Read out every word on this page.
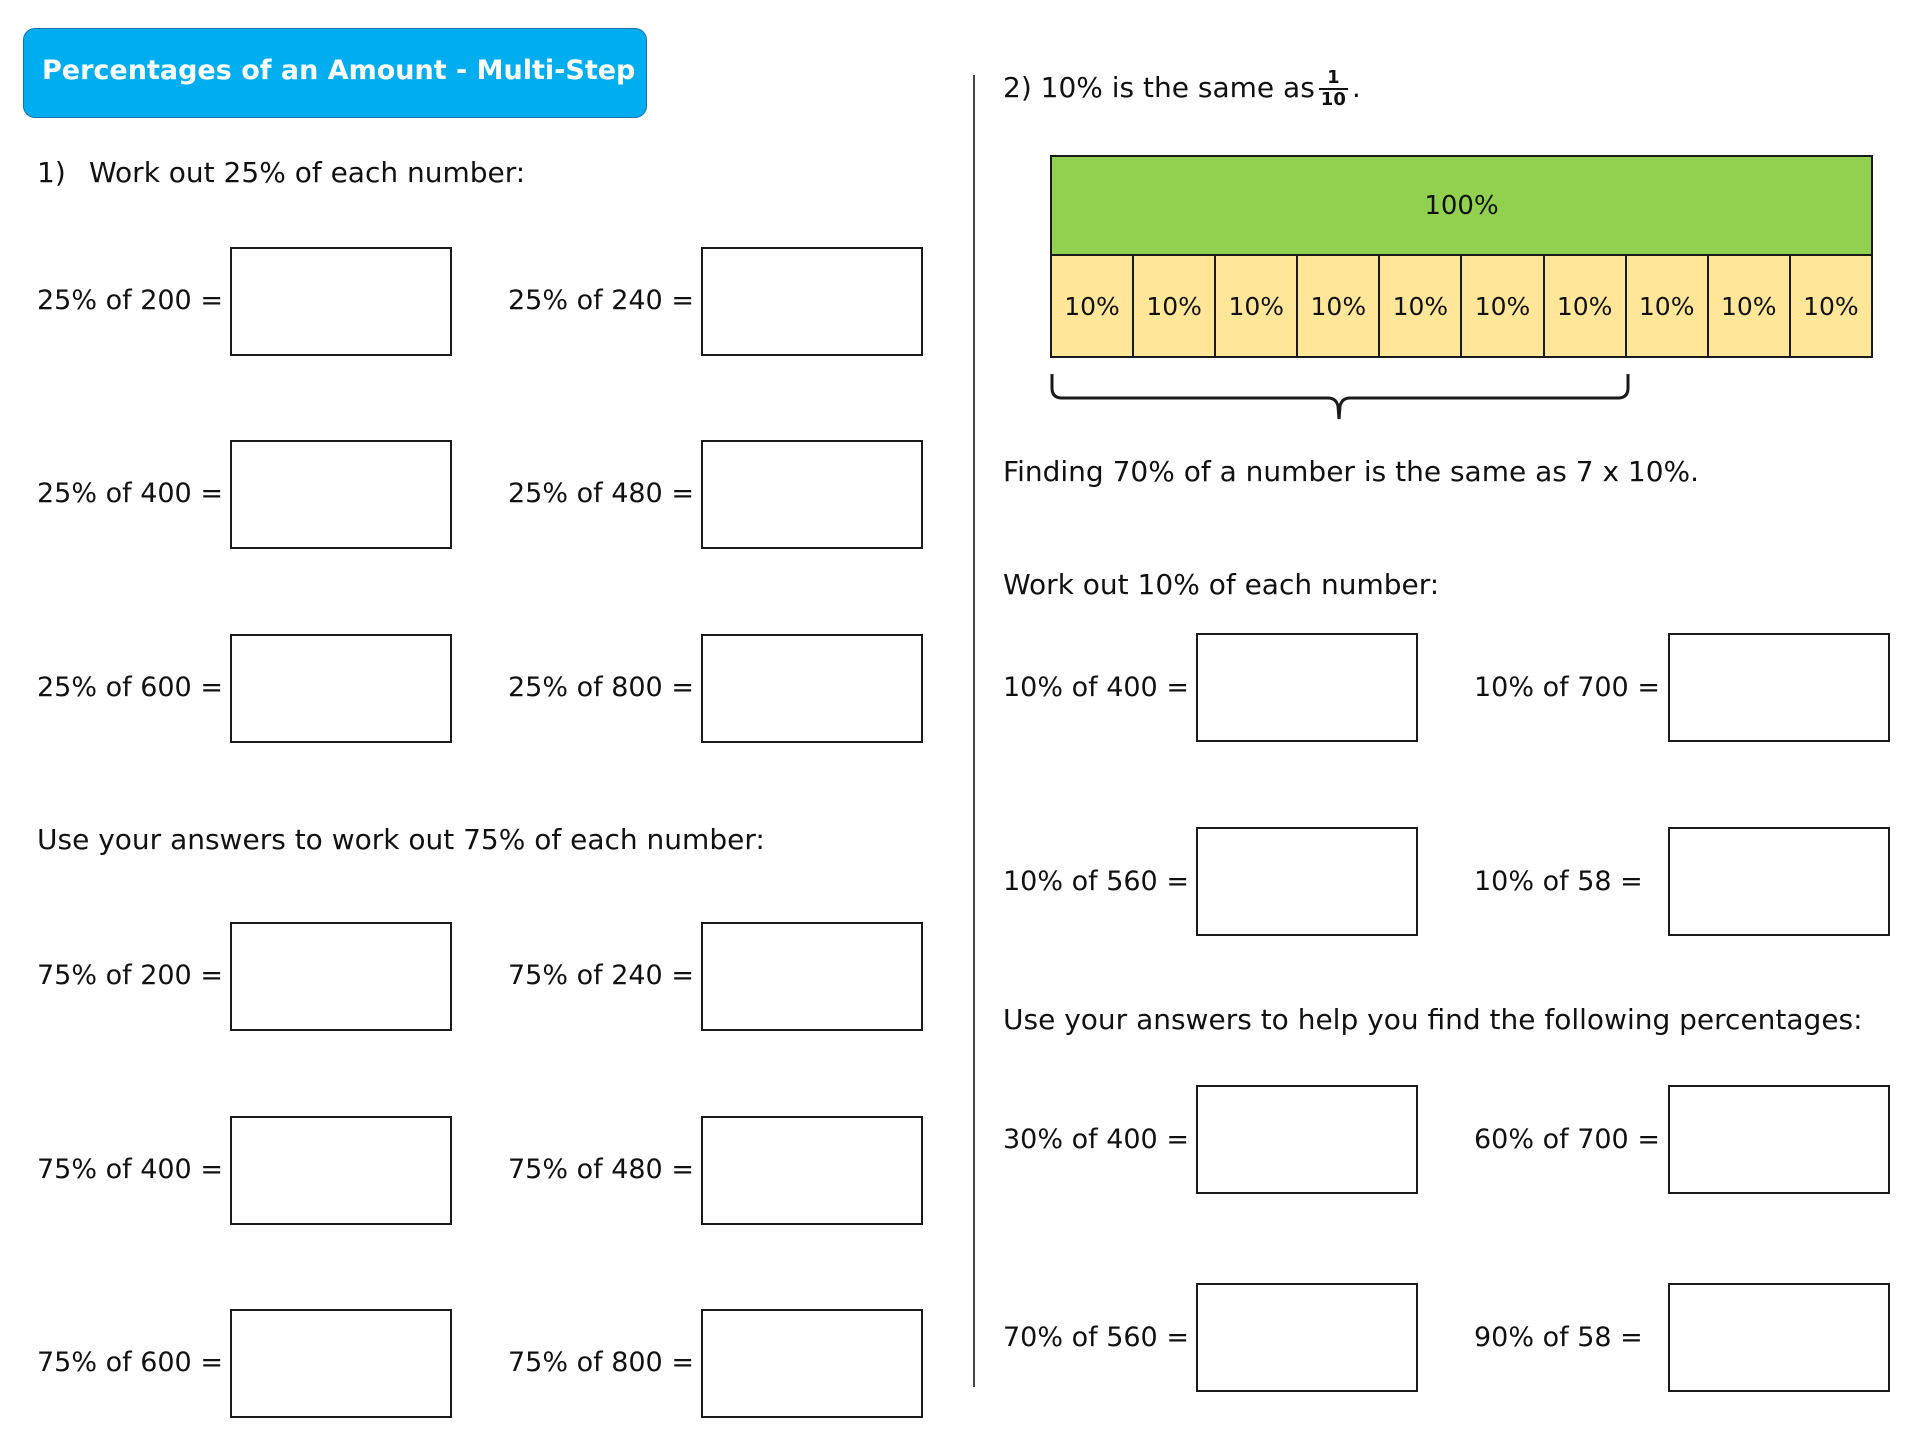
Percentages of an Amount - Multi-Step
1) Work out 25% of each number:
25% of 200 =	25% of 240 =
25% of 400 =	25% of 480 =
25% of 600 =	25% of 800 =
Use your answers to work out 75% of each number:
75% of 200 =	75% of 240 =
75% of 400 =	75% of 480 =
75% of 600 =	75% of 800 =
2) 10% is the same as $\frac{1}{10}$ .
100%
10%	10%	10%	10%	10%	10%	10%	10%	10%	10%
Finding 70% of a number is the same as 7 x 10%.
Work out 10% of each number:
10% of 400 =	10% of 700 =
10% of 560 =	10% of 58 =
Use your answers to help you find the following percentages:
30% of 400 =	60% of 700 =
70% of 560 =	90% of 58 =
